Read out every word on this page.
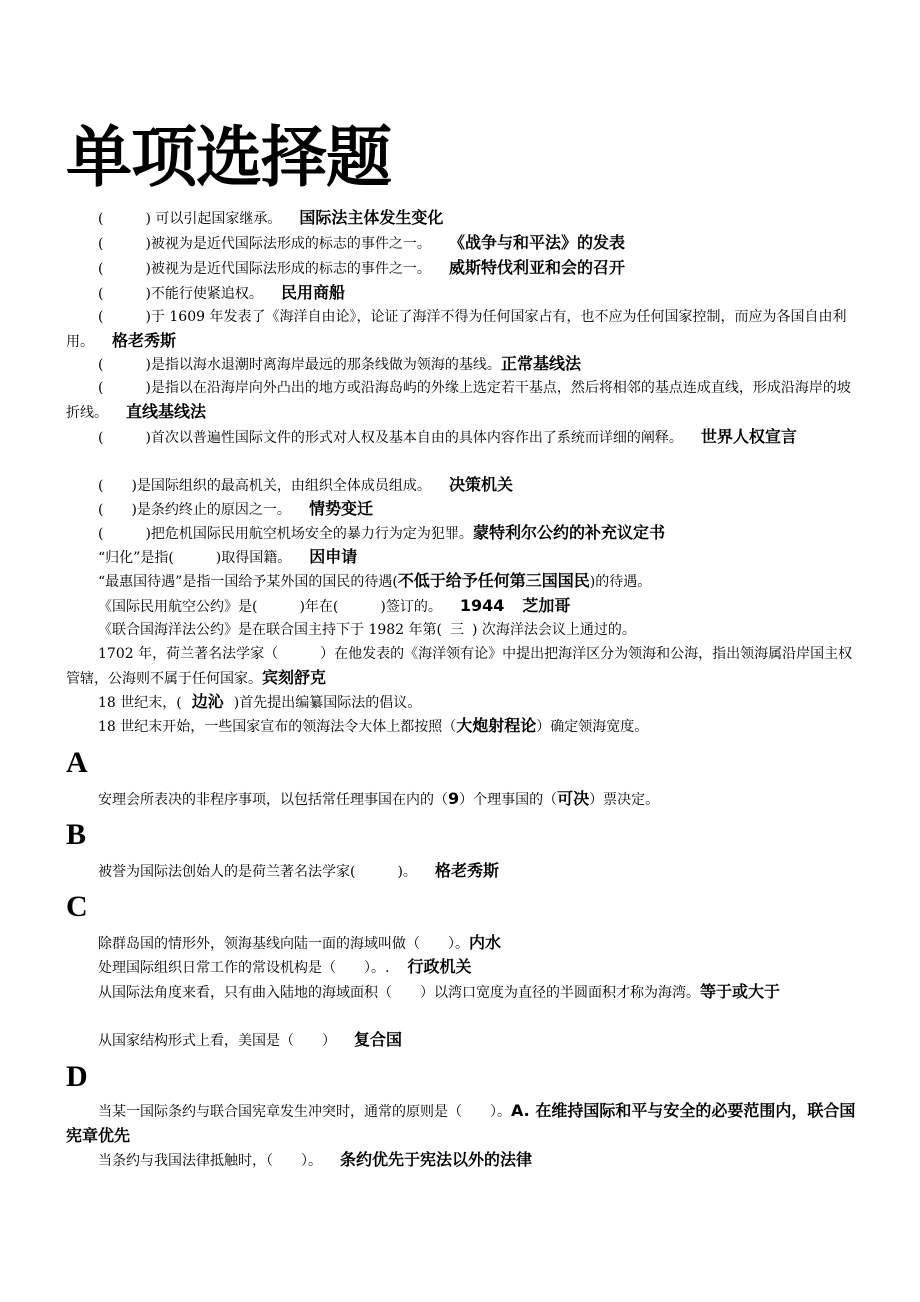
单项选择题
(　　　) 可以引起国家继承。 国际法主体发生变化
(　　　)被视为是近代国际法形成的标志的事件之一。 《战争与和平法》的发表
(　　　)被视为是近代国际法形成的标志的事件之一。 威斯特伐利亚和会的召开
(　　　)不能行使紧追权。 民用商船
(　　　)于 1609 年发表了《海洋自由论》，论证了海洋不得为任何国家占有，也不应为任何国家控制，而应为各国自由利用。 格老秀斯
(　　　)是指以海水退潮时离海岸最远的那条线做为领海的基线。正常基线法
(　　　)是指以在沿海岸向外凸出的地方或沿海岛屿的外缘上选定若干基点，然后将相邻的基点连成直线，形成沿海岸的坡折线。 直线基线法
(　　　)首次以普遍性国际文件的形式对人权及基本自由的具体内容作出了系统而详细的阐释。 世界人权宣言
(　　)是国际组织的最高机关，由组织全体成员组成。 决策机关
(　　)是条约终止的原因之一。 情势变迁
(　　　)把危机国际民用航空机场安全的暴力行为定为犯罪。蒙特利尔公约的补充议定书
“归化”是指(　　　)取得国籍。 因申请
“最惠国待遇”是指一国给予某外国的国民的待遇(不低于给予任何第三国国民)的待遇。
《国际民用航空公约》是(　　　)年在(　　　)签订的。 1944 芝加哥
《联合国海洋法公约》是在联合国主持下于 1982 年第( 三 ) 次海洋法会议上通过的。
1702 年，荷兰著名法学家（　　　）在他发表的《海洋领有论》中提出把海洋区分为领海和公海，指出领海属沿岸国主权管辖，公海则不属于任何国家。宾刻舒克
18 世纪末，( 边沁 )首先提出编纂国际法的倡议。
18 世纪末开始，一些国家宣布的领海法令大体上都按照（大炮射程论）确定领海宽度。
A
安理会所表决的非程序事项，以包括常任理事国在内的（9）个理事国的（可决）票决定。
B
被誉为国际法创始人的是荷兰著名法学家(　　　)。 格老秀斯
C
除群岛国的情形外，领海基线向陆一面的海域叫做（　　）。内水
处理国际组织日常工作的常设机构是（　　）。. 行政机关
从国际法角度来看，只有曲入陆地的海域面积（　　）以湾口宽度为直径的半圆面积才称为海湾。等于或大于
从国家结构形式上看，美国是（　　） 复合国
D
当某一国际条约与联合国宪章发生冲突时，通常的原则是（　　）。A. 在维持国际和平与安全的必要范围内，联合国宪章优先
当条约与我国法律抵触时，（　　）。 条约优先于宪法以外的法律
